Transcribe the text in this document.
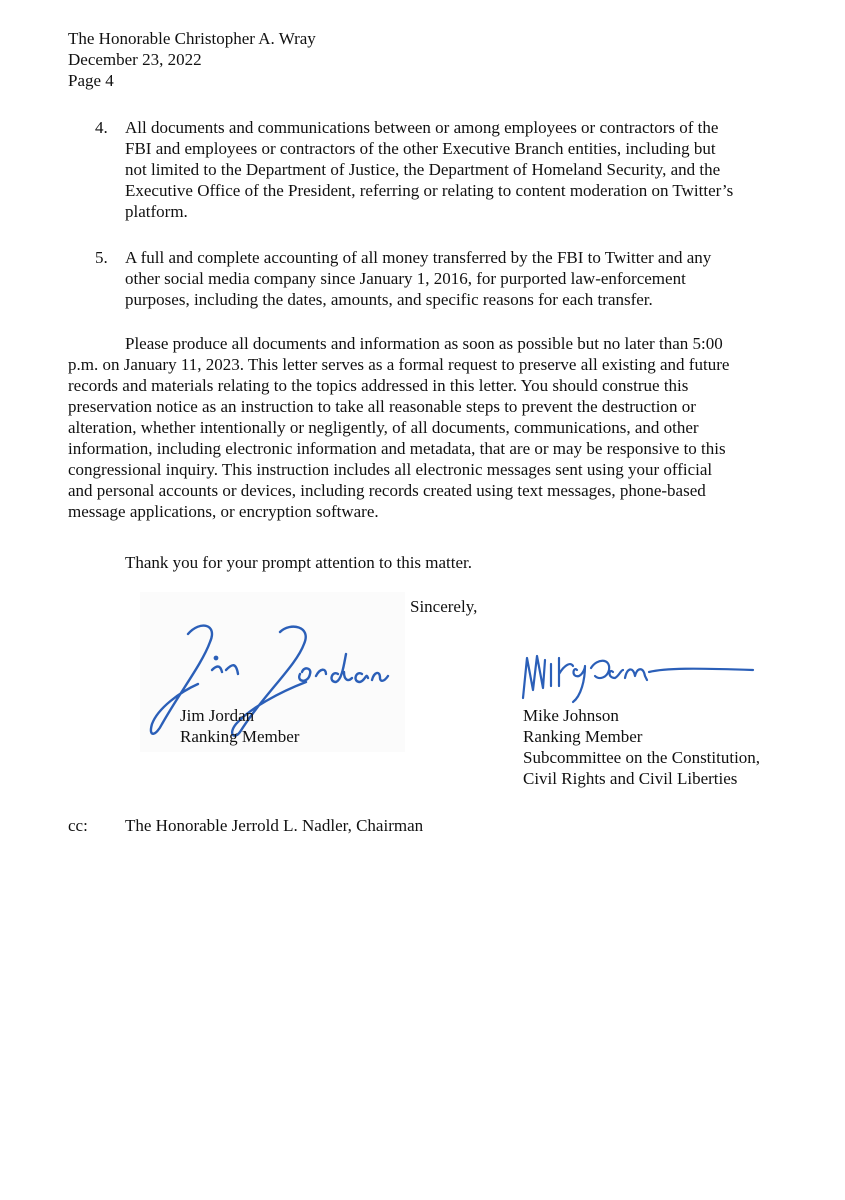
The Honorable Christopher A. Wray
December 23, 2022
Page 4
4. All documents and communications between or among employees or contractors of the
FBI and employees or contractors of the other Executive Branch entities, including but
not limited to the Department of Justice, the Department of Homeland Security, and the
Executive Office of the President, referring or relating to content moderation on Twitter’s
platform.
5. A full and complete accounting of all money transferred by the FBI to Twitter and any
other social media company since January 1, 2016, for purported law-enforcement
purposes, including the dates, amounts, and specific reasons for each transfer.
Please produce all documents and information as soon as possible but no later than 5:00
p.m. on January 11, 2023. This letter serves as a formal request to preserve all existing and future
records and materials relating to the topics addressed in this letter. You should construe this
preservation notice as an instruction to take all reasonable steps to prevent the destruction or
alteration, whether intentionally or negligently, of all documents, communications, and other
information, including electronic information and metadata, that are or may be responsive to this
congressional inquiry. This instruction includes all electronic messages sent using your official
and personal accounts or devices, including records created using text messages, phone-based
message applications, or encryption software.
Thank you for your prompt attention to this matter.
Sincerely,
Jim Jordan
Ranking Member
Mike Johnson
Ranking Member
Subcommittee on the Constitution,
Civil Rights and Civil Liberties
cc: The Honorable Jerrold L. Nadler, Chairman
